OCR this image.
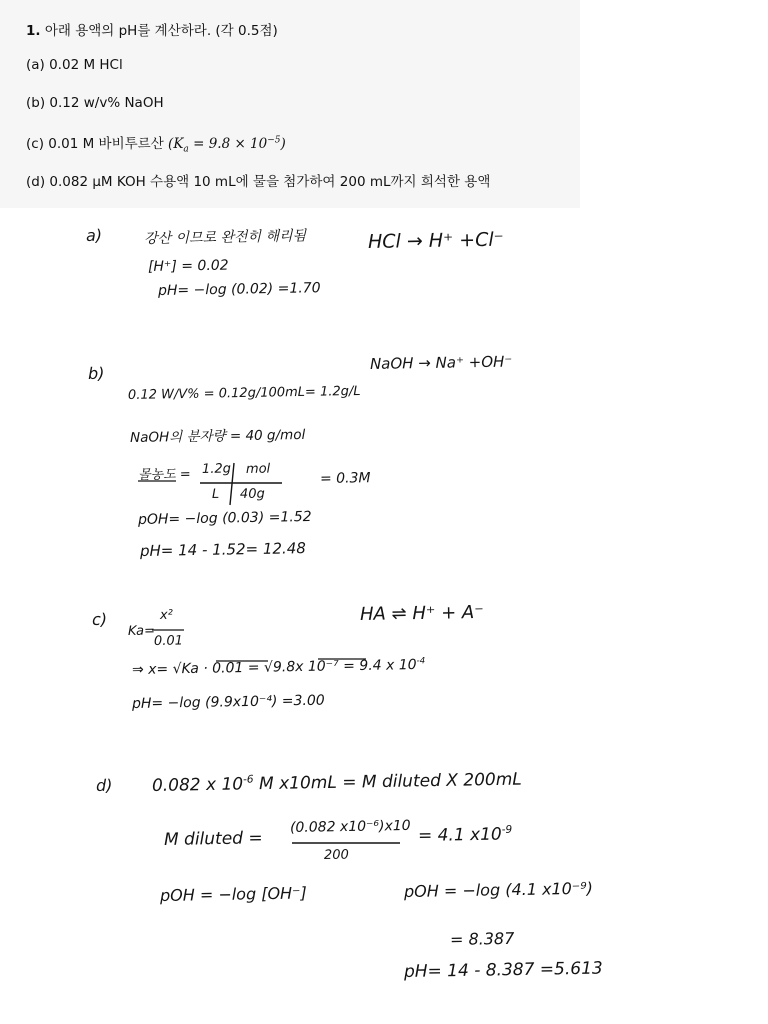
1. 아래 용액의 pH를 계산하라. (각 0.5점)
(a) 0.02 M HCl
(b) 0.12 w/v% NaOH
(c) 0.01 M 바비투르산 $(K_a = 9.8 \times 10^{-5})$
(d) 0.082 μM KOH 수용액 10 mL에 물을 첨가하여 200 mL까지 희석한 용액
a)	강산 이므로 완전히 해리됨	HCl → H⁺ +Cl⁻
[H⁺] = 0.02
pH= −log (0.02) =1.70
b)
NaOH → Na⁺ +OH⁻
0.12 W/V% = 0.12g/100mL= 1.2g/L
NaOH의 분자량 = 40 g/mol
몰농도 = 1.2g mol
L 40g
= 0.3M
pOH= −log (0.03) =1.52
pH= 14 - 1.52= 12.48
c)	HA ⇌ H⁺ + A⁻
Ka=
x²
0.01
⇒ x= √Ka · 0.01 = √9.8x 10⁻⁷ = 9.4 x $10^{-4}$
pH= −log (9.9x10⁻⁴) =3.00
d) 0.082 x $10^{-6}$ M x10mL = M diluted X 200mL
M diluted =
(0.082 x10⁻⁶)x10
200
= 4.1 $x10^{-9}$
pOH = −log [OH⁻]	pOH = −log (4.1 x10⁻⁹)
= 8.387
pH= 14 - 8.387 =5.613
